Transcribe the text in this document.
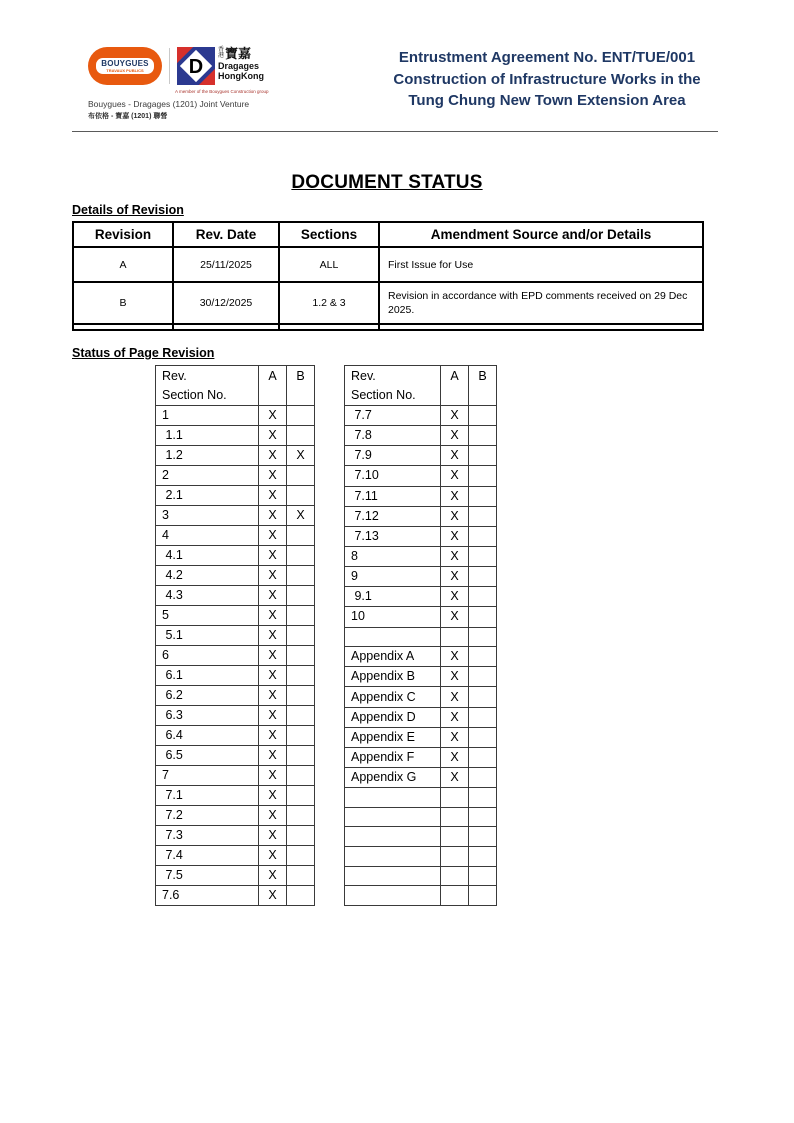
BOUYGUES
TRAVAUX PUBLICS D
香港 寶嘉
Dragages
HongKong
A member of the Bouygues Construction group
Bouygues - Dragages (1201) Joint Venture
布依格 - 寶嘉 (1201) 聯營
Entrustment Agreement No. ENT/TUE/001
Construction of Infrastructure Works in the
Tung Chung New Town Extension Area
DOCUMENT STATUS
Details of Revision
Revision	Rev. Date	Sections	Amendment Source and/or Details
A	25/11/2025	ALL	First Issue for Use
B	30/12/2025	1.2 & 3	Revision in accordance with EPD comments received on 29 Dec 2025.

Status of Page Revision
Rev.
Section No.	A	B
1	X	
1.1	X	
1.2	X	X
2	X	
2.1	X	
3	X	X
4	X	
4.1	X	
4.2	X	
4.3	X	
5	X	
5.1	X	
6	X	
6.1	X	
6.2	X	
6.3	X	
6.4	X	
6.5	X	
7	X	
7.1	X	
7.2	X	
7.3	X	
7.4	X	
7.5	X	
7.6	X	
Rev.
Section No.	A	B
7.7	X	
7.8	X	
7.9	X	
7.10	X	
7.11	X	
7.12	X	
7.13	X	
8	X	
9	X	
9.1	X	
10	X	

Appendix A	X	
Appendix B	X	
Appendix C	X	
Appendix D	X	
Appendix E	X	
Appendix F	X	
Appendix G	X	
